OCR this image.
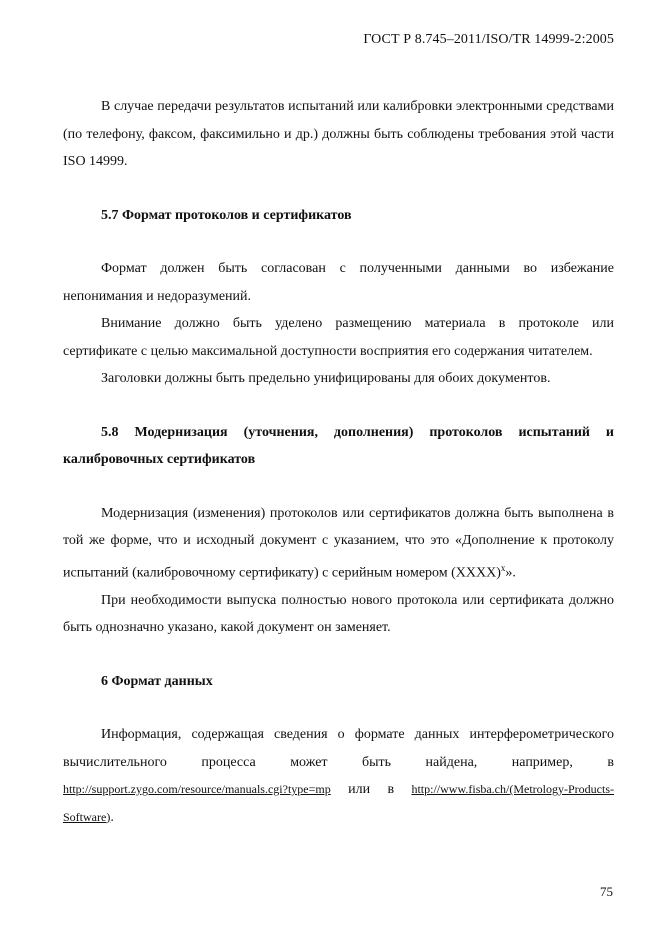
ГОСТ Р 8.745–2011/ISO/TR 14999-2:2005

В случае передачи результатов испытаний или калибровки электронными средствами (по телефону, факсом, факсимильно и др.) должны быть соблюдены требования этой части ISO 14999.

5.7 Формат протоколов и сертификатов

Формат должен быть согласован с полученными данными во избежание непонимания и недоразумений.

Внимание должно быть уделено размещению материала в протоколе или сертификате с целью максимальной доступности восприятия его содержания читателем.

Заголовки должны быть предельно унифицированы для обоих документов.

5.8 Модернизация (уточнения, дополнения) протоколов испытаний и калибровочных сертификатов

Модернизация (изменения) протоколов или сертификатов должна быть выполнена в той же форме, что и исходный документ с указанием, что это «Дополнение к протоколу испытаний (калибровочному сертификату) с серийным номером (XXXX)$^x$».

При необходимости выпуска полностью нового протокола или сертификата должно быть однозначно указано, какой документ он заменяет.

6 Формат данных

Информация, содержащая сведения о формате данных интерферометрического вычислительного процесса может быть найдена, например, в http://support.zygo.com/resource/manuals.cgi?type=mp или в http://www.fisba.ch/(Metrology-Products-Software).

75
